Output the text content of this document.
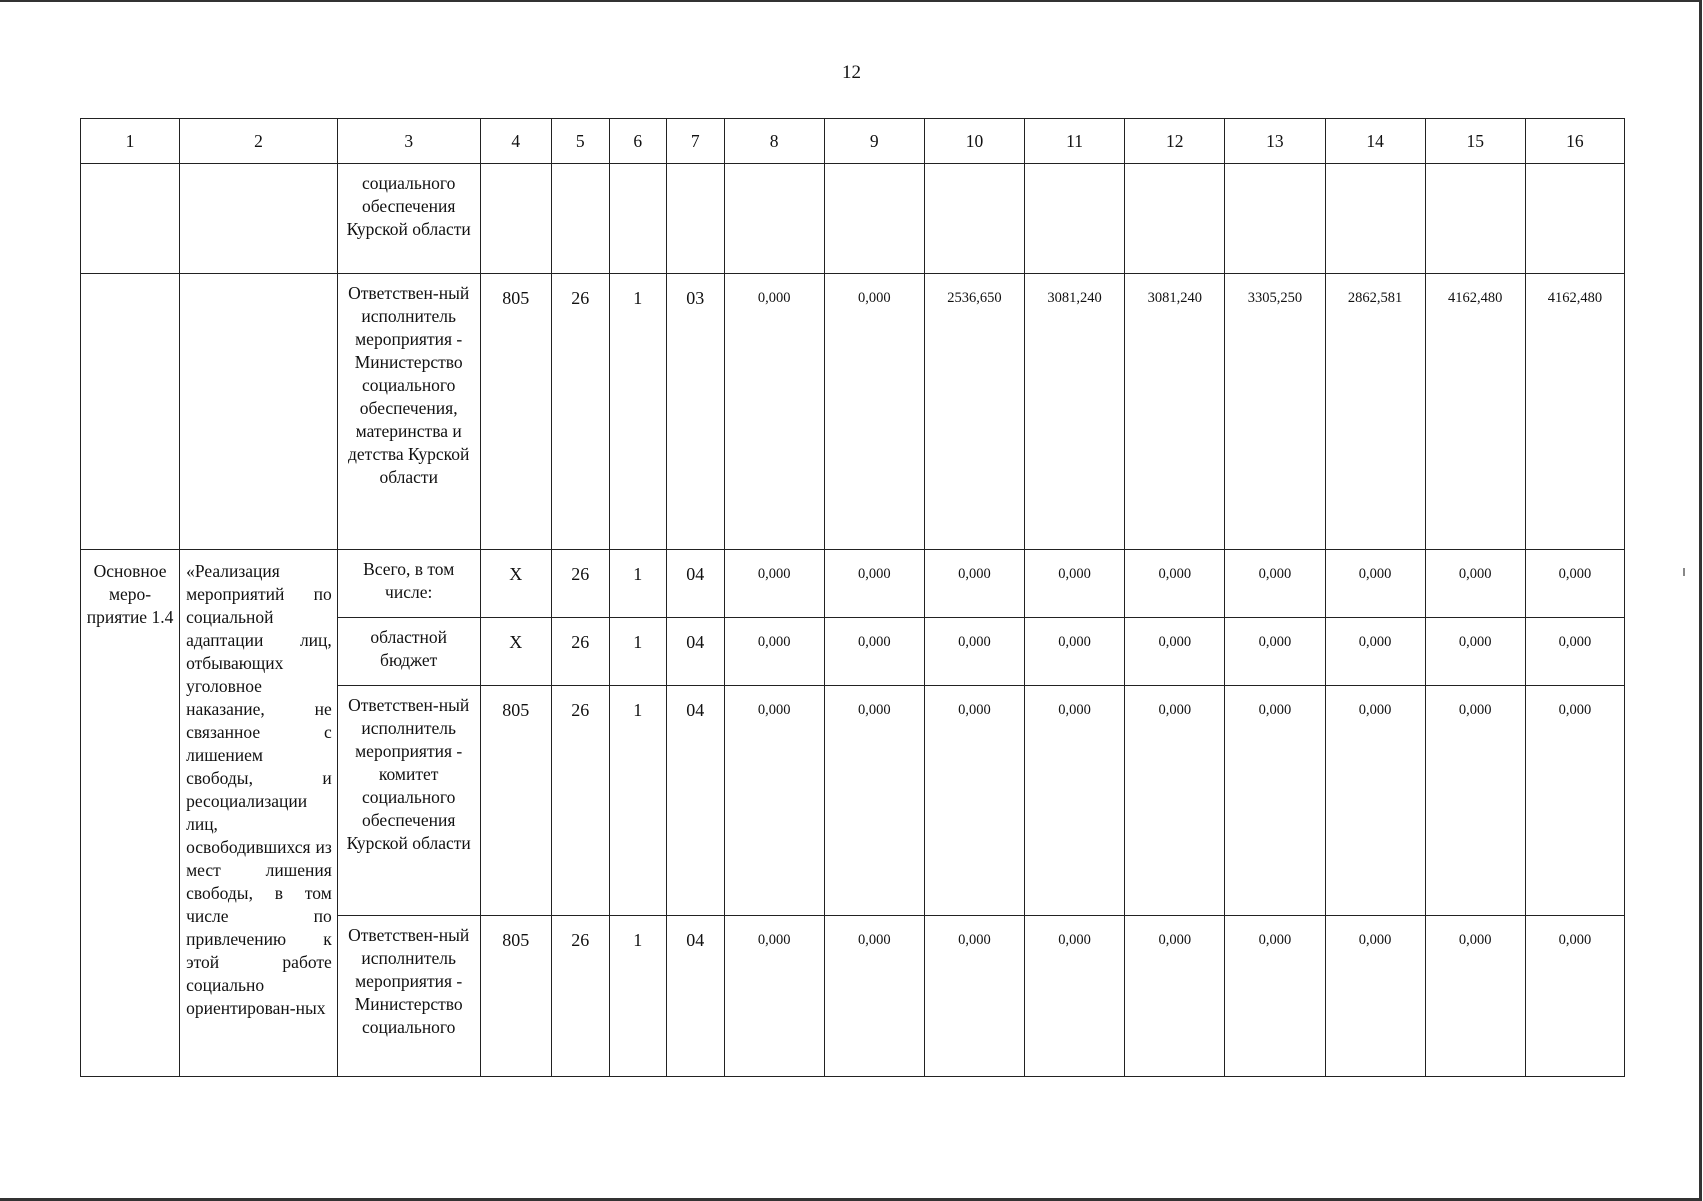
12
1	2	3	4	5	6	7	8	9	10	11	12	13	14	15	16
		социального обеспечения Курской области													
		Ответствен-ный исполнитель мероприятия - Министерство социального обеспечения, материнства и детства Курской области	805	26	1	03	0,000	0,000	2536,650	3081,240	3081,240	3305,250	2862,581	4162,480	4162,480
Основное меро-приятие 1.4	«Реализация мероприятий по социальной адаптации лиц, отбывающих уголовное наказание, не связанное с лишением свободы, и ресоциализации лиц, освободившихся из мест лишения свободы, в том числе по привлечению к этой работе социально ориентирован-ных	Всего, в том числе:	X	26	1	04	0,000	0,000	0,000	0,000	0,000	0,000	0,000	0,000	0,000
		областной бюджет	X	26	1	04	0,000	0,000	0,000	0,000	0,000	0,000	0,000	0,000	0,000
		Ответствен-ный исполнитель мероприятия - комитет социального обеспечения Курской области	805	26	1	04	0,000	0,000	0,000	0,000	0,000	0,000	0,000	0,000	0,000
		Ответствен-ный исполнитель мероприятия - Министерство социального	805	26	1	04	0,000	0,000	0,000	0,000	0,000	0,000	0,000	0,000	0,000
